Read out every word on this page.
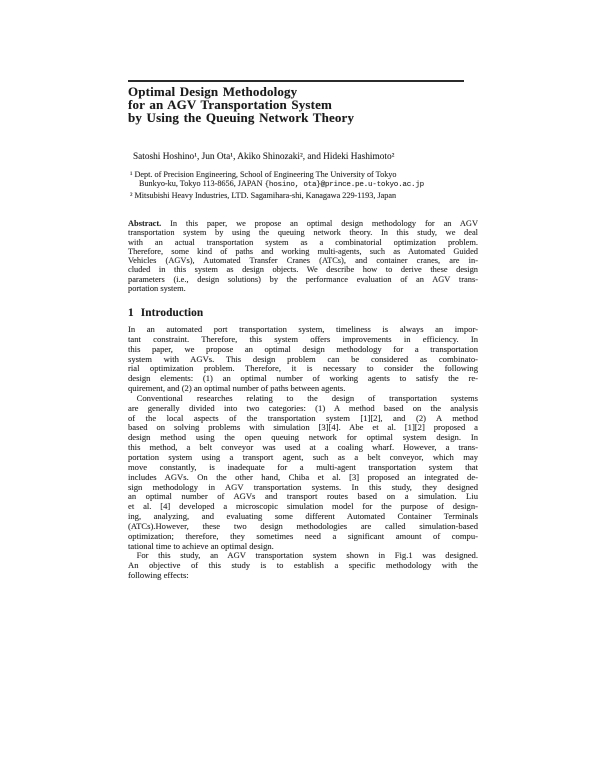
Optimal Design Methodology
for an AGV Transportation System
by Using the Queuing Network Theory
Satoshi Hoshino¹, Jun Ota¹, Akiko Shinozaki², and Hideki Hashimoto²
¹ Dept. of Precision Engineering, School of Engineering The University of Tokyo
Bunkyo-ku, Tokyo 113-8656, JAPAN {hosino, ota}@prince.pe.u-tokyo.ac.jp
² Mitsubishi Heavy Industries, LTD. Sagamihara-shi, Kanagawa 229-1193, Japan
Abstract. In this paper, we propose an optimal design methodology for an AGV
transportation system by using the queuing network theory. In this study, we deal
with an actual transportation system as a combinatorial optimization problem.
Therefore, some kind of paths and working multi-agents, such as Automated Guided
Vehicles (AGVs), Automated Transfer Cranes (ATCs), and container cranes, are in-
cluded in this system as design objects. We describe how to derive these design
parameters (i.e., design solutions) by the performance evaluation of an AGV trans-
portation system.
1 Introduction
In an automated port transportation system, timeliness is always an impor-
tant constraint. Therefore, this system offers improvements in efficiency. In
this paper, we propose an optimal design methodology for a transportation
system with AGVs. This design problem can be considered as combinato-
rial optimization problem. Therefore, it is necessary to consider the following
design elements: (1) an optimal number of working agents to satisfy the re-
quirement, and (2) an optimal number of paths between agents.
 Conventional researches relating to the design of transportation systems
are generally divided into two categories: (1) A method based on the analysis
of the local aspects of the transportation system [1][2], and (2) A method
based on solving problems with simulation [3][4]. Abe et al. [1][2] proposed a
design method using the open queuing network for optimal system design. In
this method, a belt conveyor was used at a coaling wharf. However, a trans-
portation system using a transport agent, such as a belt conveyor, which may
move constantly, is inadequate for a multi-agent transportation system that
includes AGVs. On the other hand, Chiba et al. [3] proposed an integrated de-
sign methodology in AGV transportation systems. In this study, they designed
an optimal number of AGVs and transport routes based on a simulation. Liu
et al. [4] developed a microscopic simulation model for the purpose of design-
ing, analyzing, and evaluating some different Automated Container Terminals
(ATCs).However, these two design methodologies are called simulation-based
optimization; therefore, they sometimes need a significant amount of compu-
tational time to achieve an optimal design.
 For this study, an AGV transportation system shown in Fig.1 was designed.
An objective of this study is to establish a specific methodology with the
following effects:
